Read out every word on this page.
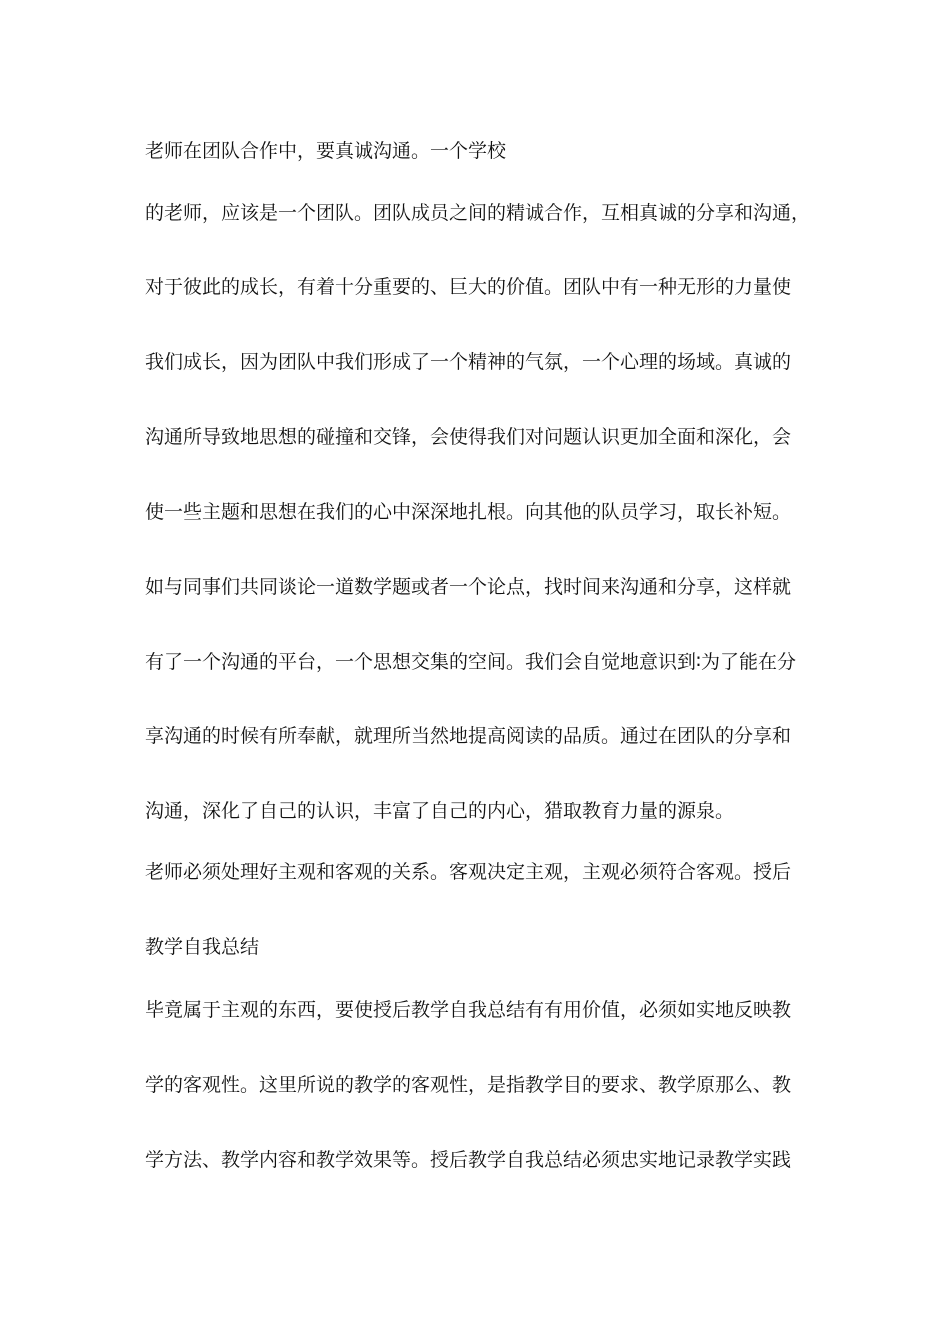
老师在团队合作中，要真诚沟通。一个学校
的老师，应该是一个团队。团队成员之间的精诚合作，互相真诚的分享和沟通，
对于彼此的成长，有着十分重要的、巨大的价值。团队中有一种无形的力量使
我们成长，因为团队中我们形成了一个精神的气氛，一个心理的场域。真诚的
沟通所导致地思想的碰撞和交锋，会使得我们对问题认识更加全面和深化，会
使一些主题和思想在我们的心中深深地扎根。向其他的队员学习，取长补短。
如与同事们共同谈论一道数学题或者一个论点，找时间来沟通和分享，这样就
有了一个沟通的平台，一个思想交集的空间。我们会自觉地意识到∶为了能在分
享沟通的时候有所奉献，就理所当然地提高阅读的品质。通过在团队的分享和
沟通，深化了自己的认识，丰富了自己的内心，猎取教育力量的源泉。
老师必须处理好主观和客观的关系。客观决定主观，主观必须符合客观。授后
教学自我总结
毕竟属于主观的东西，要使授后教学自我总结有有用价值，必须如实地反映教
学的客观性。这里所说的教学的客观性，是指教学目的要求、教学原那么、教
学方法、教学内容和教学效果等。授后教学自我总结必须忠实地记录教学实践
